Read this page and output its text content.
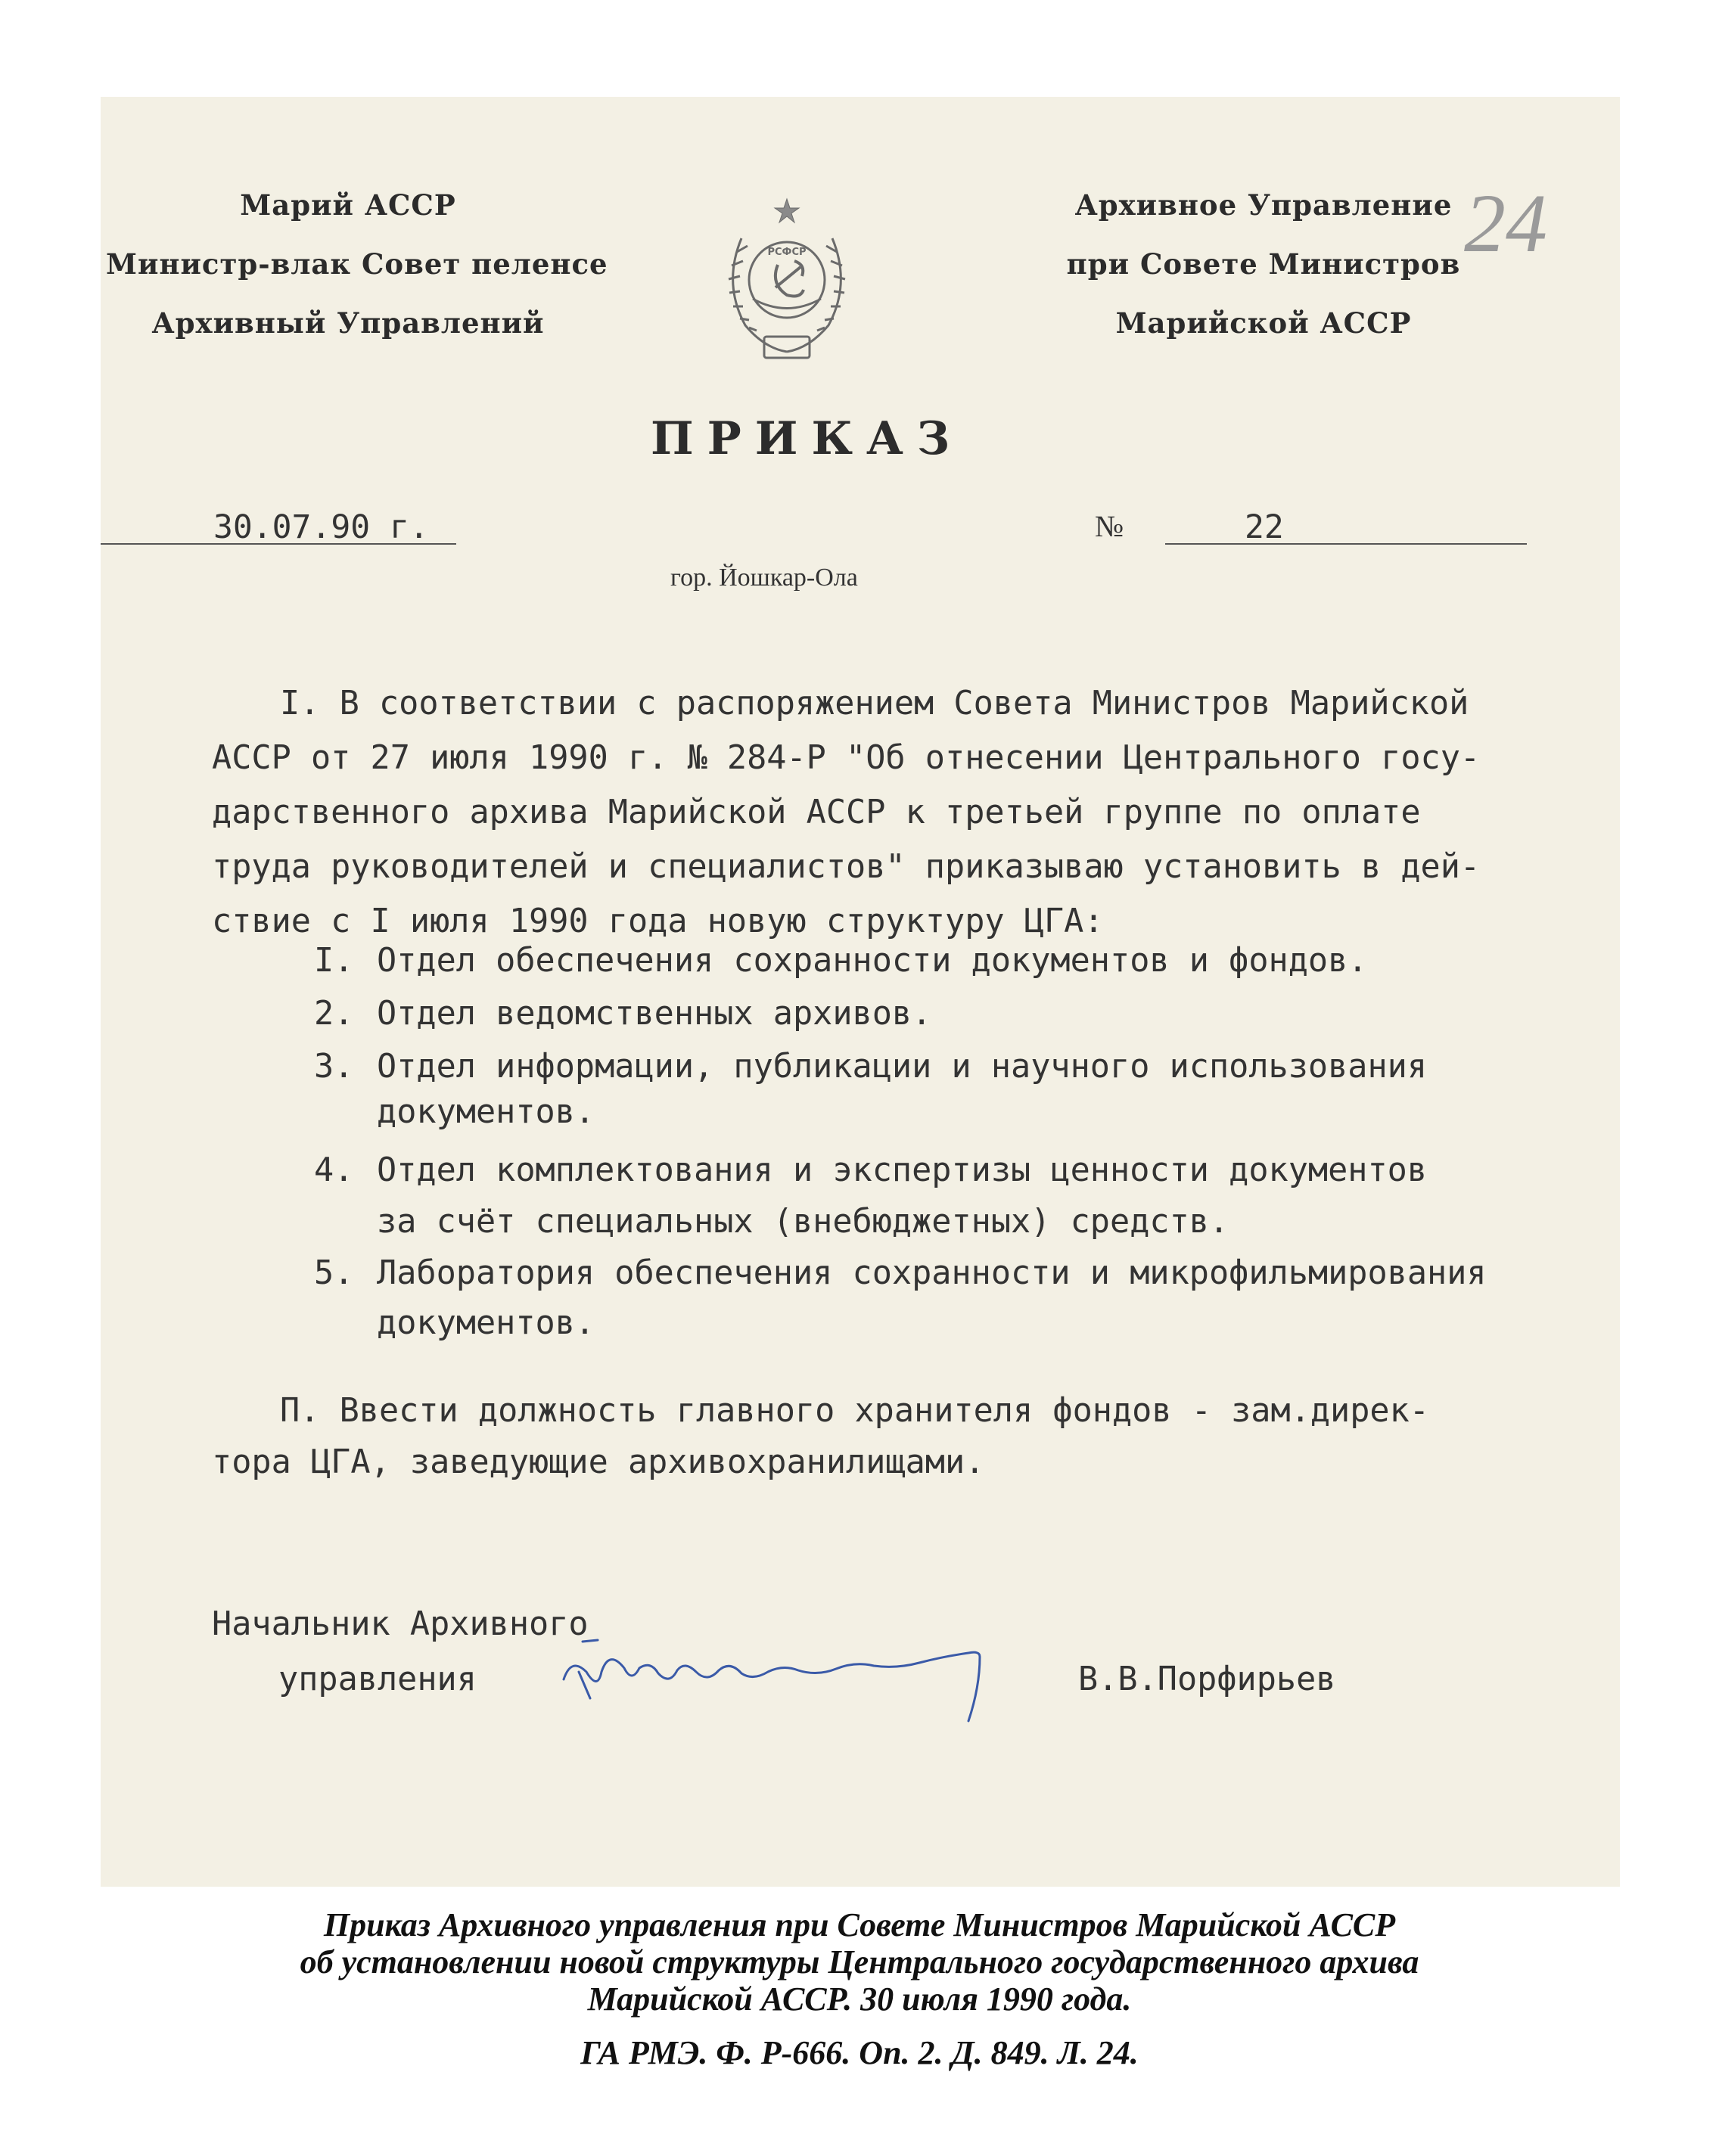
Марий АССР
Министр-влак Совет пеленсе
Архивный Управлений
РСФСР
Архивное Управление
при Совете Министров
Марийской АССР
24
ПРИКАЗ
30.07.90 г.	№	22
гор. Йошкар-Ола
I. В соответствии с распоряжением Совета Министров Марийской
АССР от 27 июля 1990 г. № 284-Р "Об отнесении Центрального госу-
дарственного архива Марийской АССР к третьей группе по оплате
труда руководителей и специалистов" приказываю установить в дей-
ствие с I июля 1990 года новую структуру ЦГА:
I. Отдел обеспечения сохранности документов и фондов.
2. Отдел ведомственных архивов.
3. Отдел информации, публикации и научного использования
документов.
4. Отдел комплектования и экспертизы ценности документов
за счёт специальных (внебюджетных) средств.
5. Лаборатория обеспечения сохранности и микрофильмирования
документов.
П. Ввести должность главного хранителя фондов - зам.дирек-
тора ЦГА, заведующие архивохранилищами.
Начальник Архивного
управления	В.В.Порфирьев
Приказ Архивного управления при Совете Министров Марийской АССР
об установлении новой структуры Центрального государственного архива
Марийской АССР. 30 июля 1990 года.
ГА РМЭ. Ф. Р-666. Оп. 2. Д. 849. Л. 24.
